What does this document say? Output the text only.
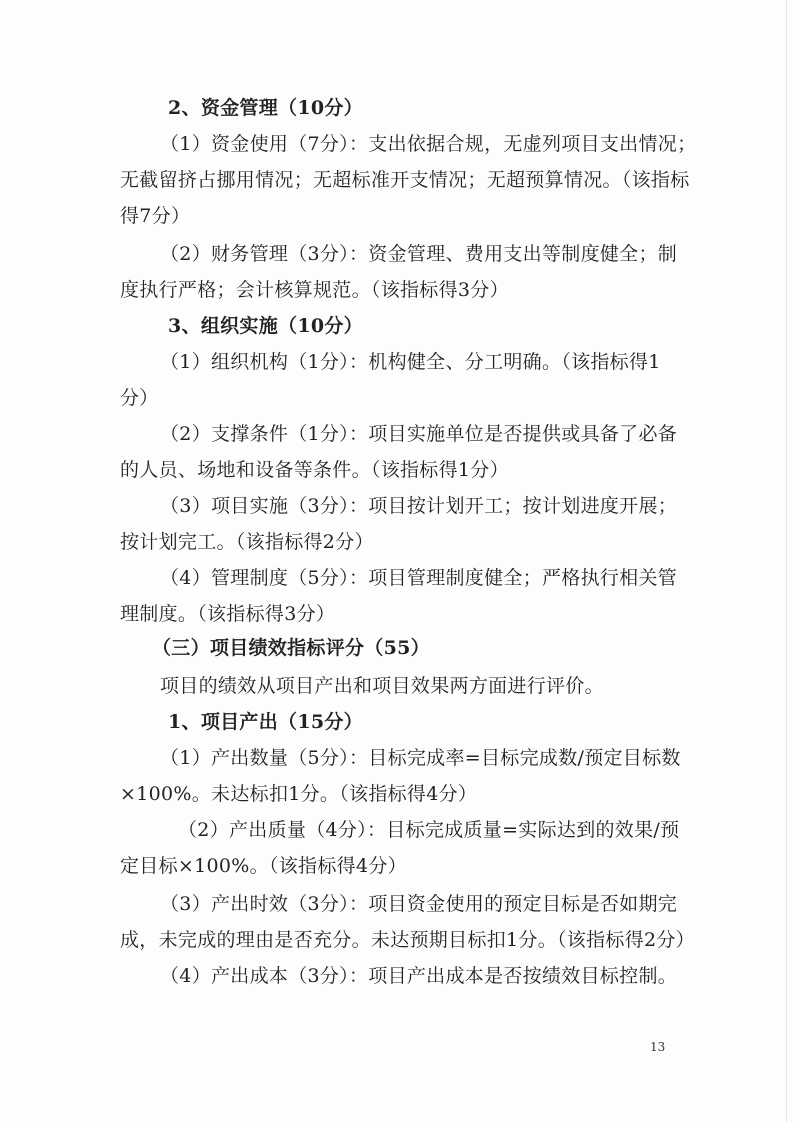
2、资金管理（10分）
（1）资金使用（7分）：支出依据合规，无虚列项目支出情况；
无截留挤占挪用情况；无超标准开支情况；无超预算情况。（该指标
得7分）
（2）财务管理（3分）：资金管理、费用支出等制度健全；制
度执行严格；会计核算规范。（该指标得3分）
3、组织实施（10分）
（1）组织机构（1分）：机构健全、分工明确。（该指标得1
分）
（2）支撑条件（1分）：项目实施单位是否提供或具备了必备
的人员、场地和设备等条件。（该指标得1分）
（3）项目实施（3分）：项目按计划开工；按计划进度开展；
按计划完工。（该指标得2分）
（4）管理制度（5分）：项目管理制度健全；严格执行相关管
理制度。（该指标得3分）
（三）项目绩效指标评分（55）
项目的绩效从项目产出和项目效果两方面进行评价。
1、项目产出（15分）
（1）产出数量（5分）：目标完成率=目标完成数/预定目标数
×100%。未达标扣1分。（该指标得4分）
（2）产出质量（4分）：目标完成质量=实际达到的效果/预
定目标×100%。（该指标得4分）
（3）产出时效（3分）：项目资金使用的预定目标是否如期完
成，未完成的理由是否充分。未达预期目标扣1分。（该指标得2分）
（4）产出成本（3分）：项目产出成本是否按绩效目标控制。
13
